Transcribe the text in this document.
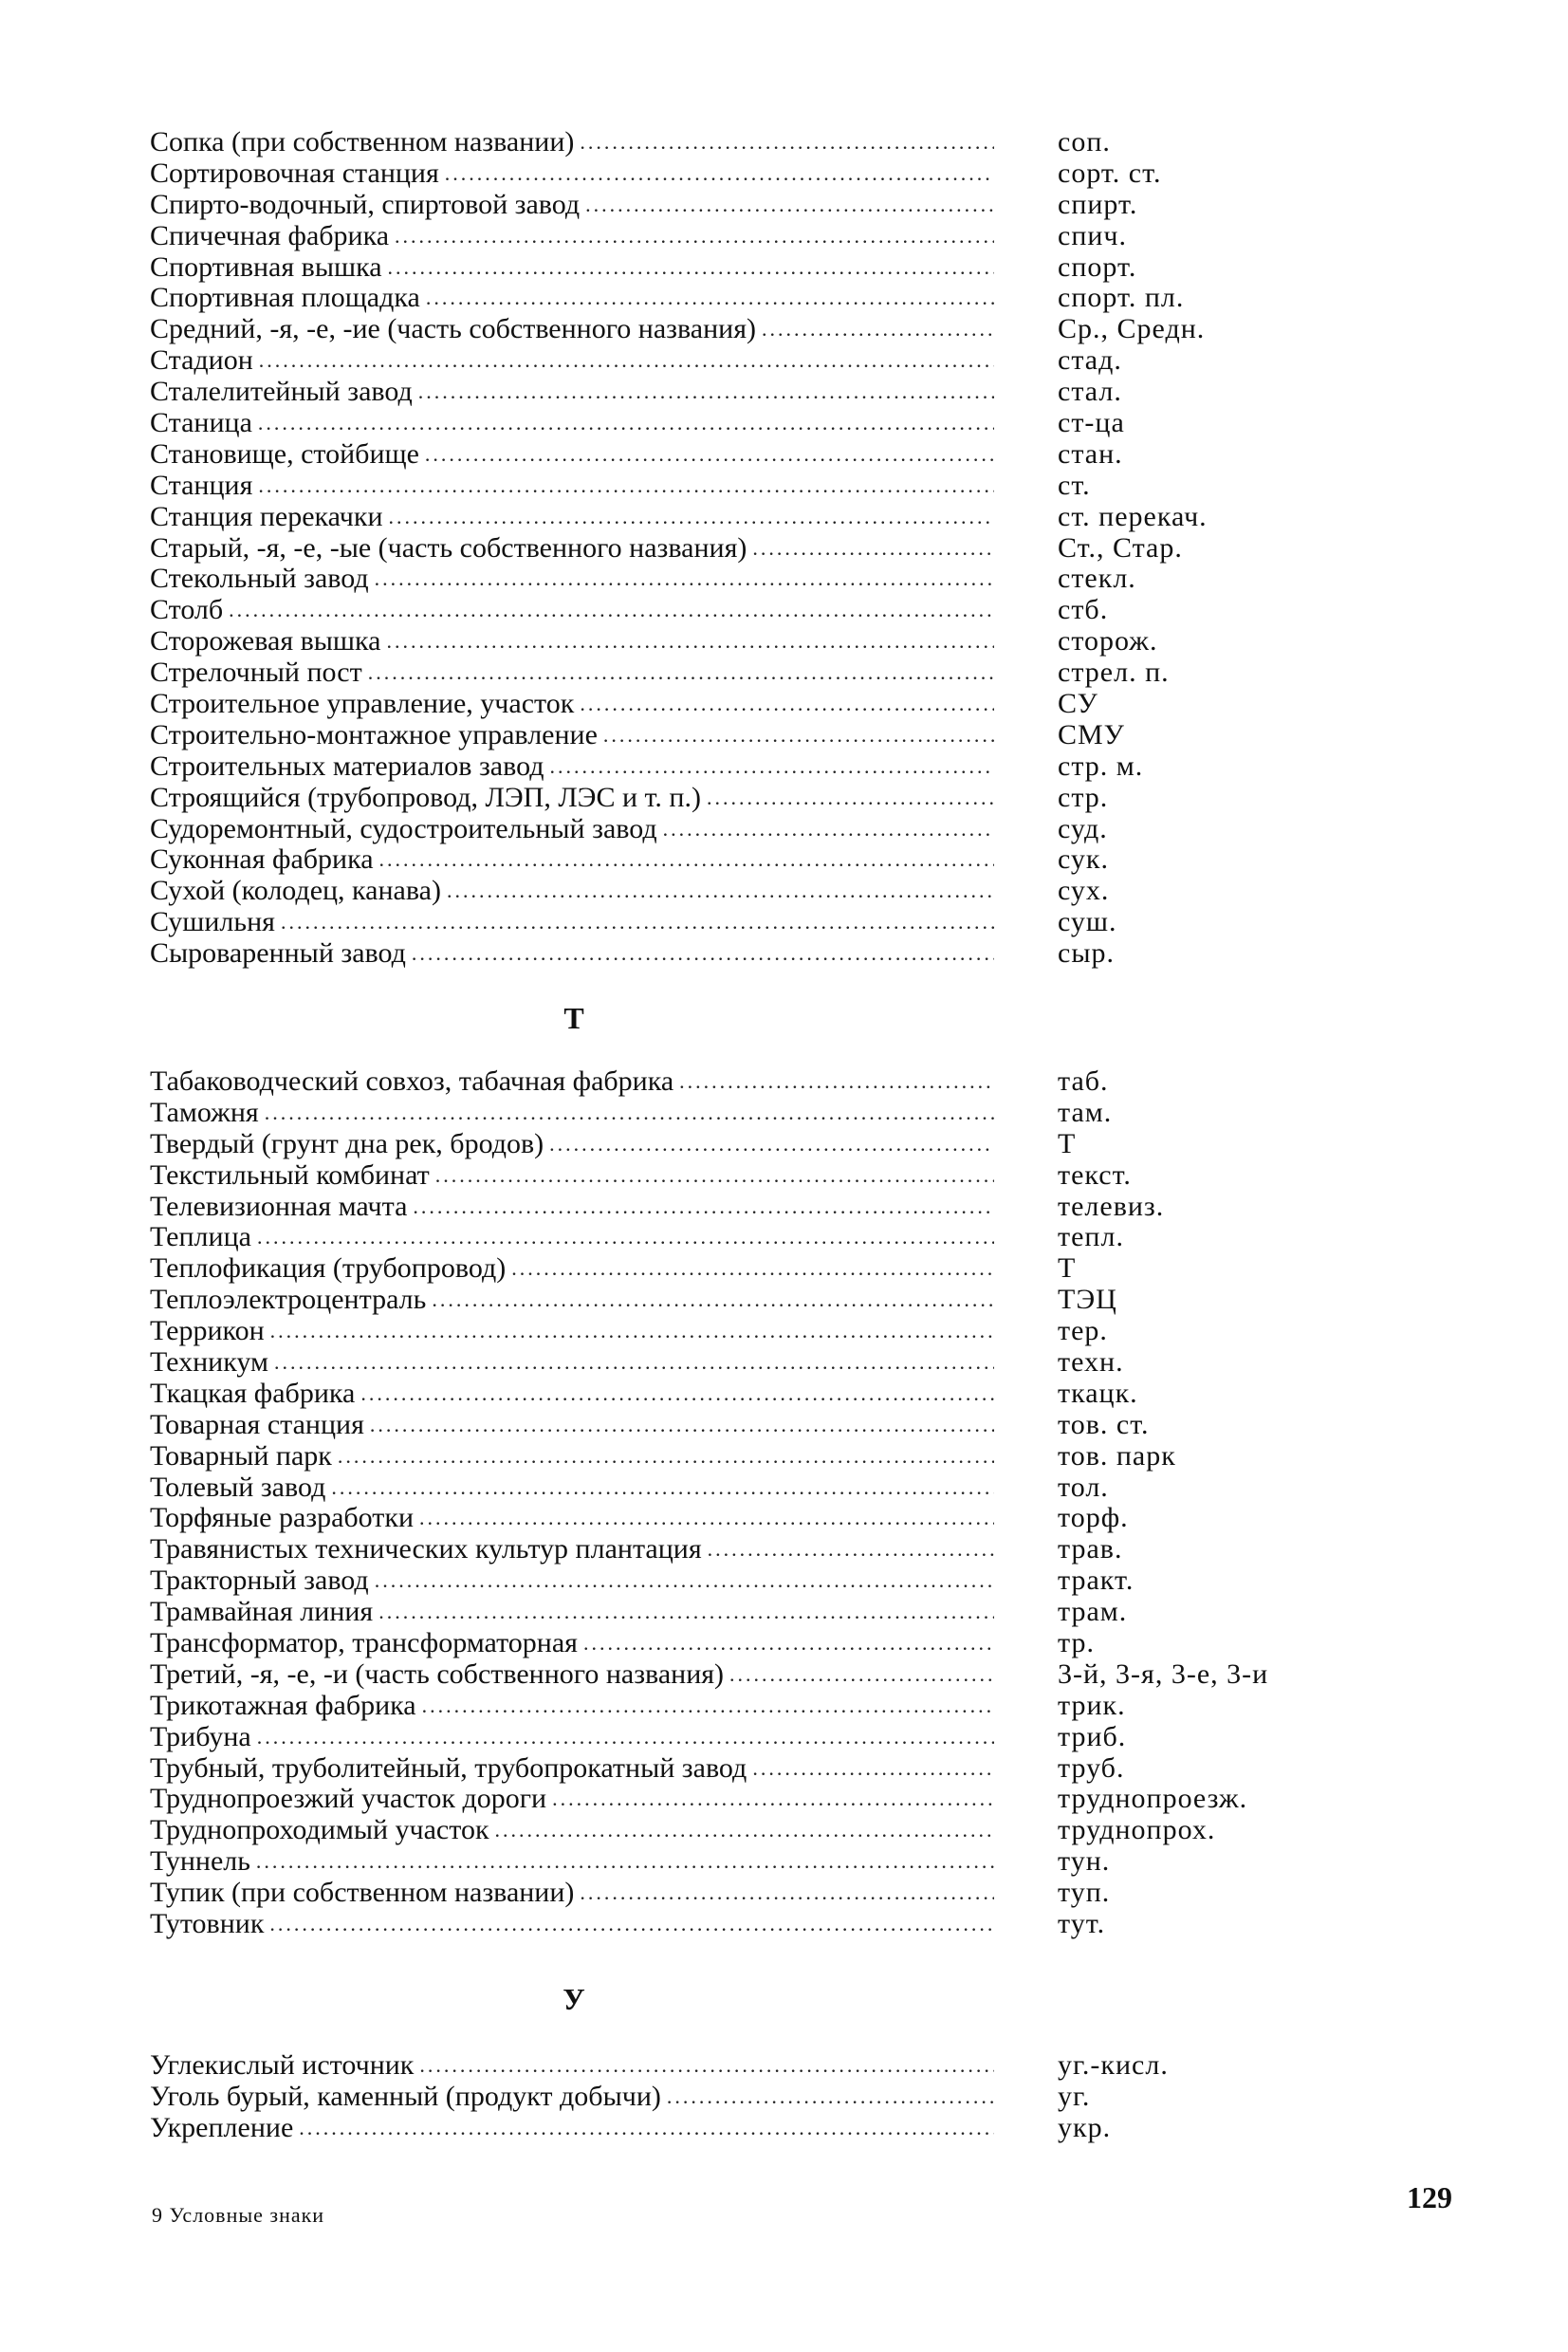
Сопка (при собственном названии) .....	соп.
Сортировочная станция .....	сорт. ст.
Спирто-водочный, спиртовой завод .....	спирт.
Спичечная фабрика .....	спич.
Спортивная вышка .....	спорт.
Спортивная площадка .....	спорт. пл.
Средний, -я, -е, -ие (часть собственного названия) .....	Ср., Средн.
Стадион .....	стад.
Сталелитейный завод .....	стал.
Станица .....	ст-ца
Становище, стойбище .....	стан.
Станция .....	ст.
Станция перекачки .....	ст. перекач.
Старый, -я, -е, -ые (часть собственного названия) .....	Ст., Стар.
Стекольный завод .....	стекл.
Столб .....	стб.
Сторожевая вышка .....	сторож.
Стрелочный пост .....	стрел. п.
Строительное управление, участок .....	СУ
Строительно-монтажное управление .....	СМУ
Строительных материалов завод .....	стр. м.
Строящийся (трубопровод, ЛЭП, ЛЭС и т. п.) .....	стр.
Судоремонтный, судостроительный завод .....	суд.
Суконная фабрика .....	сук.
Сухой (колодец, канава) .....	сух.
Сушильня .....	суш.
Сыроваренный завод .....	сыр.
Т
Табаководческий совхоз, табачная фабрика .....	таб.
Таможня .....	там.
Твердый (грунт дна рек, бродов) .....	Т
Текстильный комбинат .....	текст.
Телевизионная мачта .....	телевиз.
Теплица .....	тепл.
Теплофикация (трубопровод) .....	Т
Теплоэлектроцентраль .....	ТЭЦ
Террикон .....	тер.
Техникум .....	техн.
Ткацкая фабрика .....	ткацк.
Товарная станция .....	тов. ст.
Товарный парк .....	тов. парк
Толевый завод .....	тол.
Торфяные разработки .....	торф.
Травянистых технических культур плантация .....	трав.
Тракторный завод .....	тракт.
Трамвайная линия .....	трам.
Трансформатор, трансформаторная .....	тр.
Третий, -я, -е, -и (часть собственного названия) .....	3-й, 3-я, 3-е, 3-и
Трикотажная фабрика .....	трик.
Трибуна .....	триб.
Трубный, труболитейный, трубопрокатный завод .....	труб.
Труднопроезжий участок дороги .....	труднопроезж.
Труднопроходимый участок .....	труднопрох.
Туннель .....	тун.
Тупик (при собственном названии) .....	туп.
Тутовник .....	тут.
У
Углекислый источник .....	уг.-кисл.
Уголь бурый, каменный (продукт добычи) .....	уг.
Укрепление .....	укр.
9 Условные знаки
129
